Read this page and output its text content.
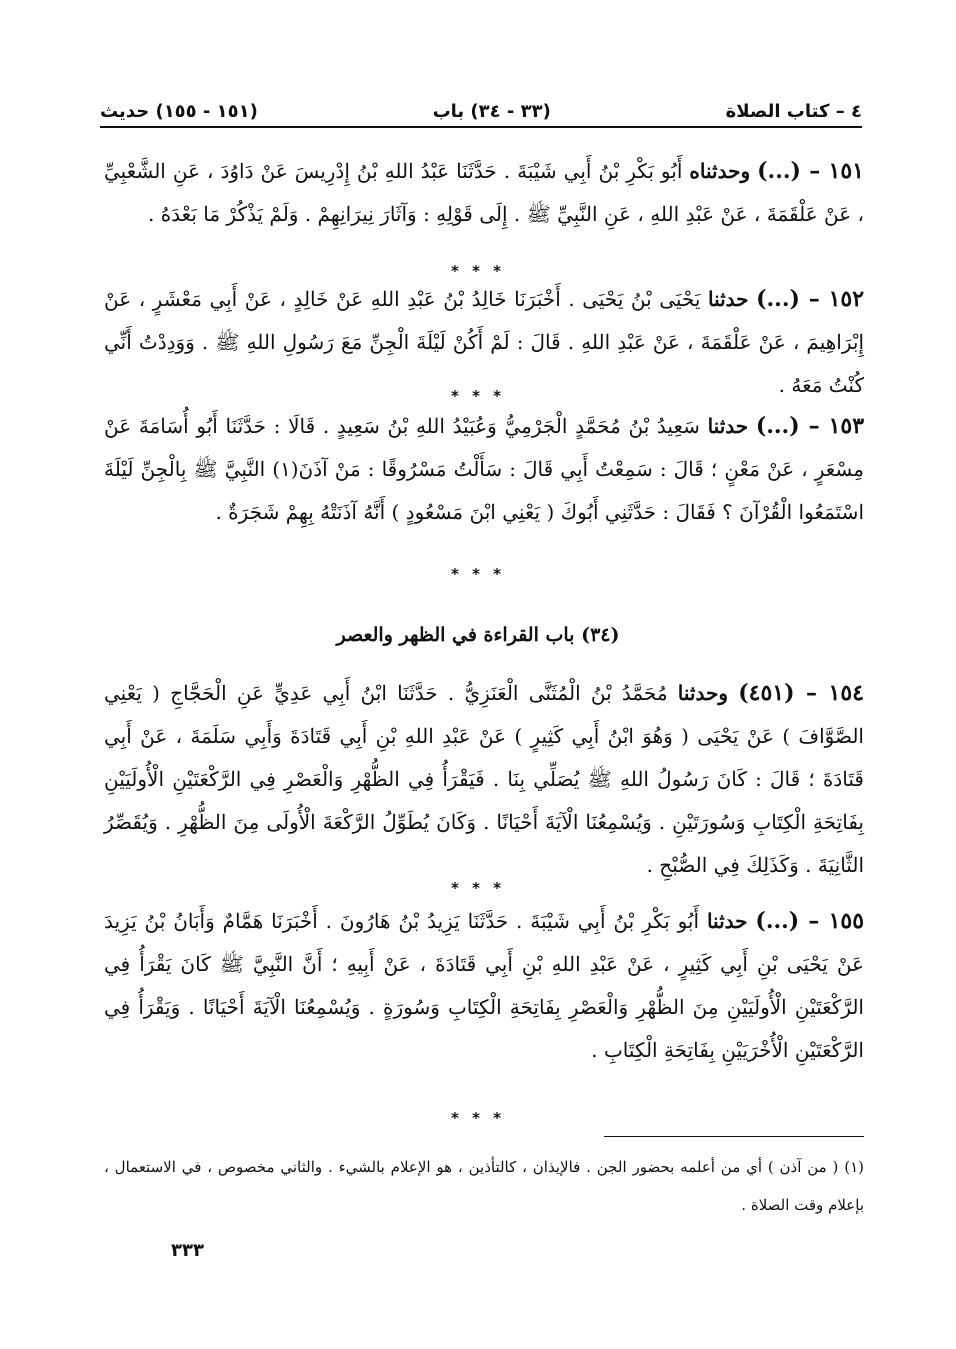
٤ – كتاب الصلاة
(٣٣ - ٣٤) باب
(١٥١ - ١٥٥) حديث

١٥١ – (...) وحدثناه أَبُو بَكْرِ بْنُ أَبِي شَيْبَةَ . حَدَّثَنَا عَبْدُ اللهِ بْنُ إِدْرِيسَ عَنْ دَاوُدَ ، عَنِ الشَّعْبِيِّ ، عَنْ عَلْقَمَةَ ، عَنْ عَبْدِ اللهِ ، عَنِ النَّبِيِّ ﷺ . إِلَى قَوْلِهِ : وَآثَارَ نِيرَانِهِمْ . وَلَمْ يَذْكُرْ مَا بَعْدَهُ .

* * *

١٥٢ – (...) حدثنا يَحْيَى بْنُ يَحْيَى . أَخْبَرَنَا خَالِدُ بْنُ عَبْدِ اللهِ عَنْ خَالِدٍ ، عَنْ أَبِي مَعْشَرٍ ، عَنْ إِبْرَاهِيمَ ، عَنْ عَلْقَمَةَ ، عَنْ عَبْدِ اللهِ . قَالَ : لَمْ أَكُنْ لَيْلَةَ الْجِنِّ مَعَ رَسُولِ اللهِ ﷺ . وَوَدِدْتُ أَنِّي كُنْتُ مَعَهُ .

* * *

١٥٣ – (...) حدثنا سَعِيدُ بْنُ مُحَمَّدٍ الْجَرْمِيُّ وَعُبَيْدُ اللهِ بْنُ سَعِيدٍ . قَالَا : حَدَّثَنَا أَبُو أُسَامَةَ عَنْ مِسْعَرٍ ، عَنْ مَعْنٍ ؛ قَالَ : سَمِعْتُ أَبِي قَالَ : سَأَلْتُ مَسْرُوقًا : مَنْ آذَنَ(١) النَّبِيَّ ﷺ بِالْجِنِّ لَيْلَةَ اسْتَمَعُوا الْقُرْآنَ ؟ فَقَالَ : حَدَّثَنِي أَبُوكَ ( يَعْنِي ابْنَ مَسْعُودٍ ) أَنَّهُ آذَنَتْهُ بِهِمْ شَجَرَةٌ .

* * *
(٣٤) باب القراءة في الظهر والعصر

١٥٤ – (٤٥١) وحدثنا مُحَمَّدُ بْنُ الْمُثَنَّى الْعَنَزِيُّ . حَدَّثَنَا ابْنُ أَبِي عَدِيٍّ عَنِ الْحَجَّاجِ ( يَعْنِي الصَّوَّافَ ) عَنْ يَحْيَى ( وَهُوَ ابْنُ أَبِي كَثِيرٍ ) عَنْ عَبْدِ اللهِ بْنِ أَبِي قَتَادَةَ وَأَبِي سَلَمَةَ ، عَنْ أَبِي قَتَادَةَ ؛ قَالَ : كَانَ رَسُولُ اللهِ ﷺ يُصَلِّي بِنَا . فَيَقْرَأُ فِي الظُّهْرِ وَالْعَصْرِ فِي الرَّكْعَتَيْنِ الْأُولَيَيْنِ بِفَاتِحَةِ الْكِتَابِ وَسُورَتَيْنِ . وَيُسْمِعُنَا الْآيَةَ أَحْيَانًا . وَكَانَ يُطَوِّلُ الرَّكْعَةَ الْأُولَى مِنَ الظُّهْرِ . وَيُقَصِّرُ الثَّانِيَةَ . وَكَذَلِكَ فِي الصُّبْحِ .

* * *

١٥٥ – (...) حدثنا أَبُو بَكْرِ بْنُ أَبِي شَيْبَةَ . حَدَّثَنَا يَزِيدُ بْنُ هَارُونَ . أَخْبَرَنَا هَمَّامٌ وَأَبَانُ بْنُ يَزِيدَ عَنْ يَحْيَى بْنِ أَبِي كَثِيرٍ ، عَنْ عَبْدِ اللهِ بْنِ أَبِي قَتَادَةَ ، عَنْ أَبِيهِ ؛ أَنَّ النَّبِيَّ ﷺ كَانَ يَقْرَأُ فِي الرَّكْعَتَيْنِ الْأُولَيَيْنِ مِنَ الظُّهْرِ وَالْعَصْرِ بِفَاتِحَةِ الْكِتَابِ وَسُورَةٍ . وَيُسْمِعُنَا الْآيَةَ أَحْيَانًا . وَيَقْرَأُ فِي الرَّكْعَتَيْنِ الْأُخْرَيَيْنِ بِفَاتِحَةِ الْكِتَابِ .

* * *

(١) ( من آذن ) أي من أعلمه بحضور الجن . فالإيذان ، كالتأذين ، هو الإعلام بالشيء . والثاني مخصوص ، في الاستعمال ، بإعلام وقت الصلاة .

٣٣٣
